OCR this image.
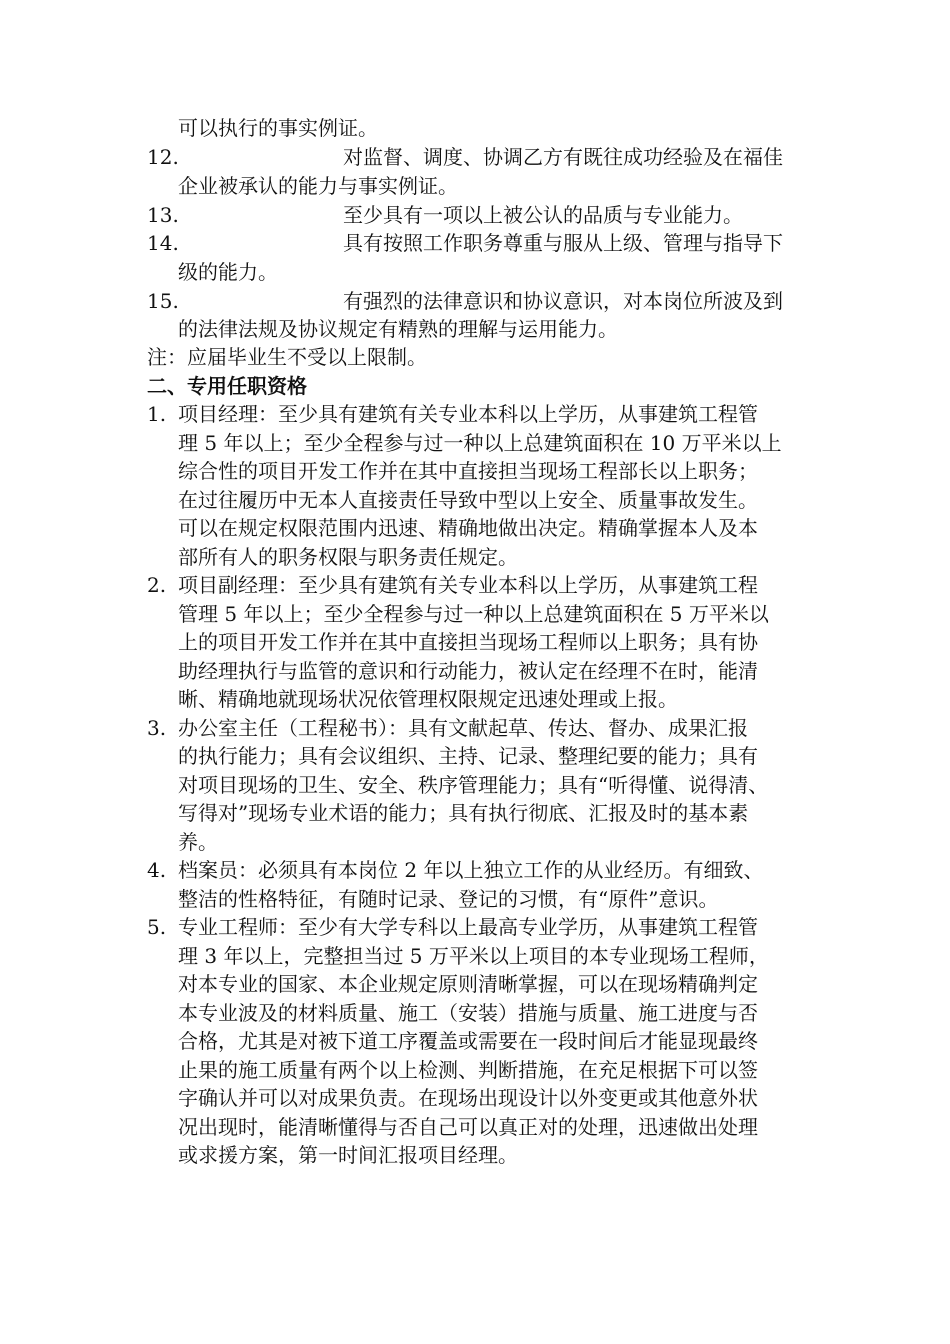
可以执行的事实例证。
12.	对监督、调度、协调乙方有既往成功经验及在福佳
企业被承认的能力与事实例证。
13.	至少具有一项以上被公认的品质与专业能力。
14.	具有按照工作职务尊重与服从上级、管理与指导下
级的能力。
15.	有强烈的法律意识和协议意识，对本岗位所波及到
的法律法规及协议规定有精熟的理解与运用能力。
注：应届毕业生不受以上限制。
二、专用任职资格
1. 项目经理：至少具有建筑有关专业本科以上学历，从事建筑工程管
理 5 年以上；至少全程参与过一种以上总建筑面积在 10 万平米以上
综合性的项目开发工作并在其中直接担当现场工程部长以上职务；
在过往履历中无本人直接责任导致中型以上安全、质量事故发生。
可以在规定权限范围内迅速、精确地做出决定。精确掌握本人及本
部所有人的职务权限与职务责任规定。
2. 项目副经理：至少具有建筑有关专业本科以上学历，从事建筑工程
管理 5 年以上；至少全程参与过一种以上总建筑面积在 5 万平米以
上的项目开发工作并在其中直接担当现场工程师以上职务；具有协
助经理执行与监管的意识和行动能力，被认定在经理不在时，能清
晰、精确地就现场状况依管理权限规定迅速处理或上报。
3. 办公室主任（工程秘书）：具有文献起草、传达、督办、成果汇报
的执行能力；具有会议组织、主持、记录、整理纪要的能力；具有
对项目现场的卫生、安全、秩序管理能力；具有“听得懂、说得清、
写得对”现场专业术语的能力；具有执行彻底、汇报及时的基本素
养。
4. 档案员：必须具有本岗位 2 年以上独立工作的从业经历。有细致、
整洁的性格特征，有随时记录、登记的习惯，有“原件”意识。
5. 专业工程师：至少有大学专科以上最高专业学历，从事建筑工程管
理 3 年以上，完整担当过 5 万平米以上项目的本专业现场工程师，
对本专业的国家、本企业规定原则清晰掌握，可以在现场精确判定
本专业波及的材料质量、施工（安装）措施与质量、施工进度与否
合格，尤其是对被下道工序覆盖或需要在一段时间后才能显现最终
止果的施工质量有两个以上检测、判断措施，在充足根据下可以签
字确认并可以对成果负责。在现场出现设计以外变更或其他意外状
况出现时，能清晰懂得与否自己可以真正对的处理，迅速做出处理
或求援方案，第一时间汇报项目经理。
